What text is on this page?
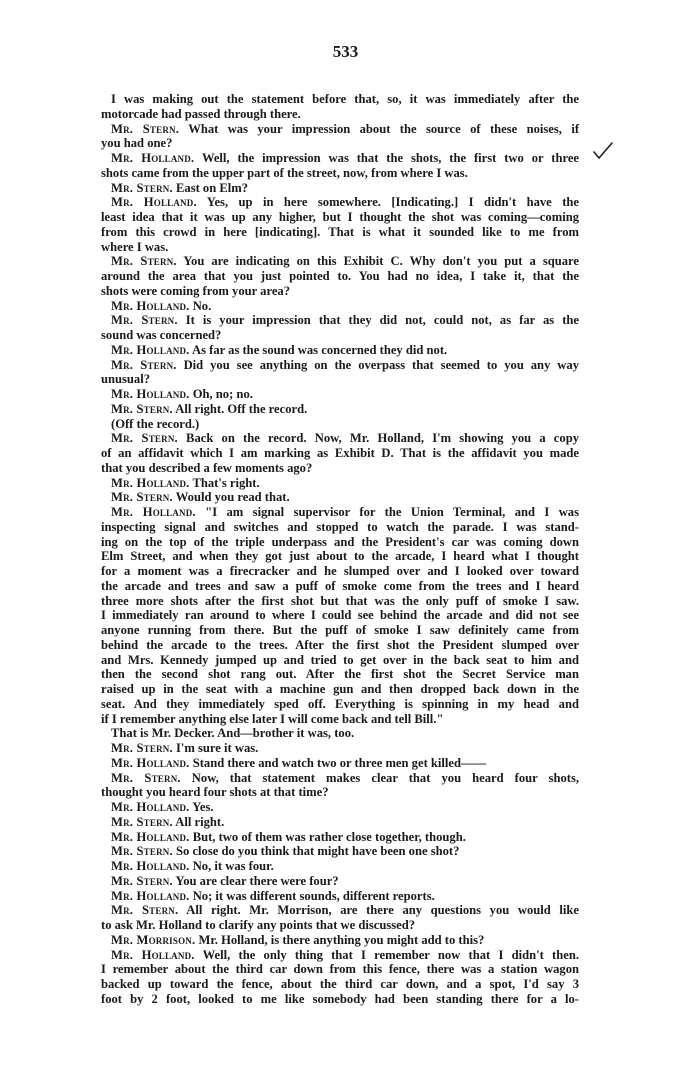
533
I was making out the statement before that, so, it was immediately after the
motorcade had passed through there.
Mr. Stern. What was your impression about the source of these noises, if
you had one?
Mr. Holland. Well, the impression was that the shots, the first two or three
shots came from the upper part of the street, now, from where I was.
Mr. Stern. East on Elm?
Mr. Holland. Yes, up in here somewhere. [Indicating.] I didn't have the
least idea that it was up any higher, but I thought the shot was coming—coming
from this crowd in here [indicating]. That is what it sounded like to me from
where I was.
Mr. Stern. You are indicating on this Exhibit C. Why don't you put a square
around the area that you just pointed to. You had no idea, I take it, that the
shots were coming from your area?
Mr. Holland. No.
Mr. Stern. It is your impression that they did not, could not, as far as the
sound was concerned?
Mr. Holland. As far as the sound was concerned they did not.
Mr. Stern. Did you see anything on the overpass that seemed to you any way
unusual?
Mr. Holland. Oh, no; no.
Mr. Stern. All right. Off the record.
(Off the record.)
Mr. Stern. Back on the record. Now, Mr. Holland, I'm showing you a copy
of an affidavit which I am marking as Exhibit D. That is the affidavit you made
that you described a few moments ago?
Mr. Holland. That's right.
Mr. Stern. Would you read that.
Mr. Holland. "I am signal supervisor for the Union Terminal, and I was
inspecting signal and switches and stopped to watch the parade. I was stand-
ing on the top of the triple underpass and the President's car was coming down
Elm Street, and when they got just about to the arcade, I heard what I thought
for a moment was a firecracker and he slumped over and I looked over toward
the arcade and trees and saw a puff of smoke come from the trees and I heard
three more shots after the first shot but that was the only puff of smoke I saw.
I immediately ran around to where I could see behind the arcade and did not see
anyone running from there. But the puff of smoke I saw definitely came from
behind the arcade to the trees. After the first shot the President slumped over
and Mrs. Kennedy jumped up and tried to get over in the back seat to him and
then the second shot rang out. After the first shot the Secret Service man
raised up in the seat with a machine gun and then dropped back down in the
seat. And they immediately sped off. Everything is spinning in my head and
if I remember anything else later I will come back and tell Bill."
That is Mr. Decker. And—brother it was, too.
Mr. Stern. I'm sure it was.
Mr. Holland. Stand there and watch two or three men get killed——
Mr. Stern. Now, that statement makes clear that you heard four shots,
thought you heard four shots at that time?
Mr. Holland. Yes.
Mr. Stern. All right.
Mr. Holland. But, two of them was rather close together, though.
Mr. Stern. So close do you think that might have been one shot?
Mr. Holland. No, it was four.
Mr. Stern. You are clear there were four?
Mr. Holland. No; it was different sounds, different reports.
Mr. Stern. All right. Mr. Morrison, are there any questions you would like
to ask Mr. Holland to clarify any points that we discussed?
Mr. Morrison. Mr. Holland, is there anything you might add to this?
Mr. Holland. Well, the only thing that I remember now that I didn't then.
I remember about the third car down from this fence, there was a station wagon
backed up toward the fence, about the third car down, and a spot, I'd say 3
foot by 2 foot, looked to me like somebody had been standing there for a lo-
